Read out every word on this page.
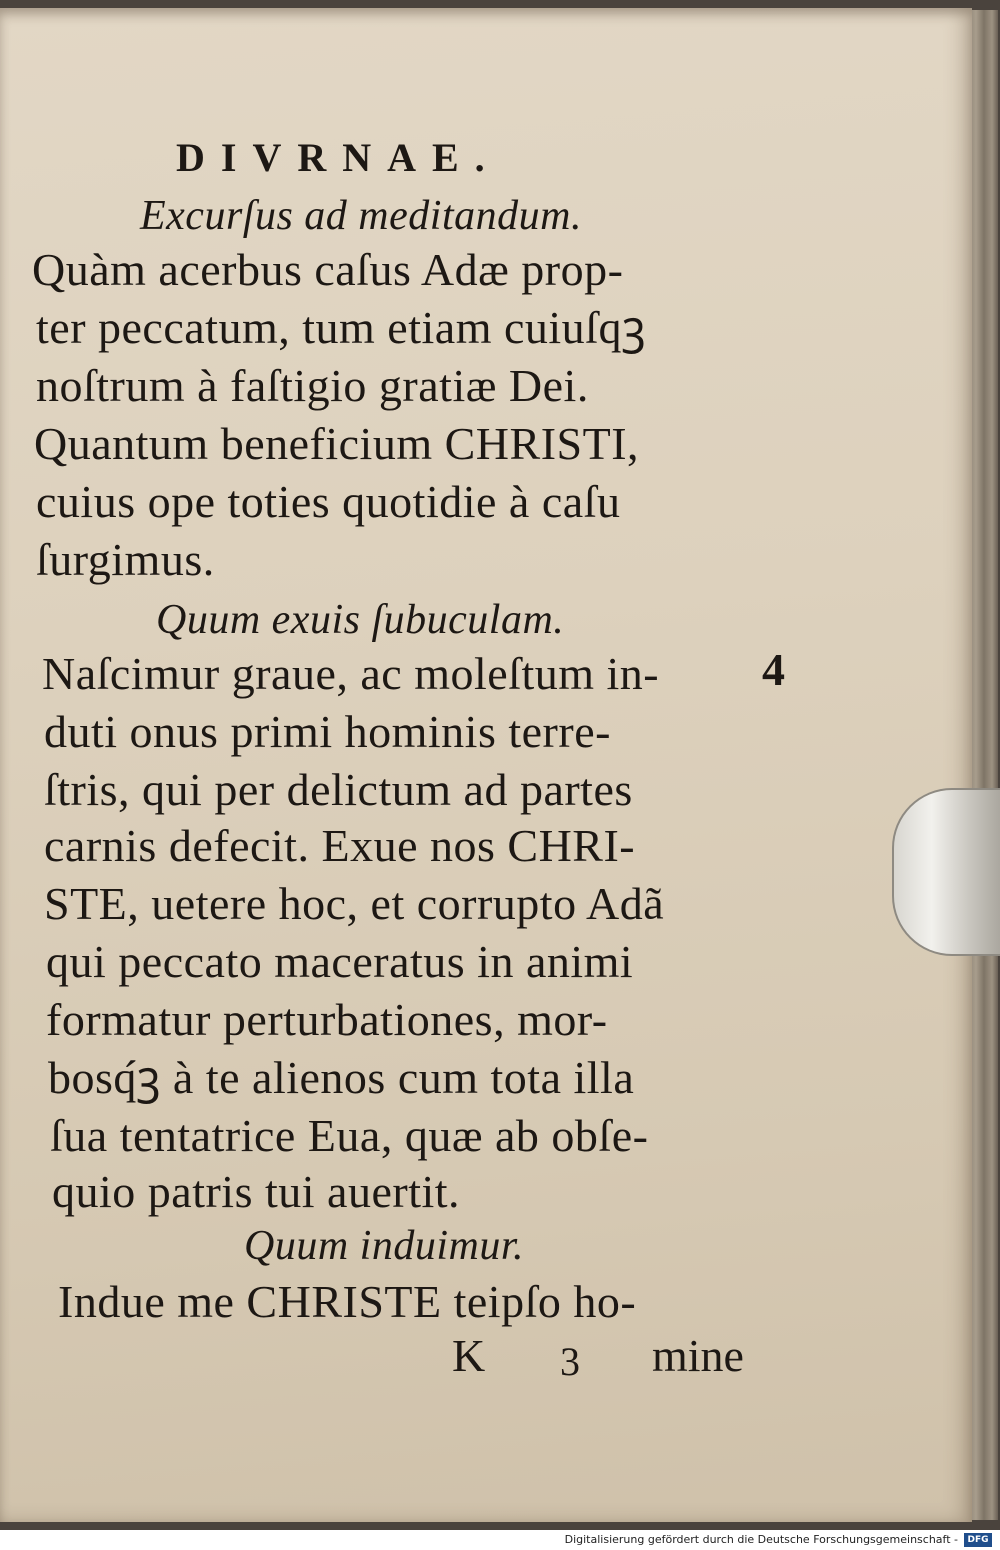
DIVRNAE.

Excurſus ad meditandum.

Quàm acerbus caſus Adæ prop-

ter peccatum, tum etiam cuiuſqꝫ

noſtrum à faſtigio gratiæ Dei.

Quantum beneficium CHRISTI,

cuius ope toties quotidie à caſu

ſurgimus.

Quum exuis ſubuculam.

Naſcimur graue, ac moleſtum in-

duti onus primi hominis terre-

ſtris, qui per delictum ad partes

carnis defecit. Exue nos CHRI-

STE, uetere hoc, et corrupto Adã

qui peccato maceratus in animi

formatur perturbationes, mor-

bosq́ꝫ à te alienos cum tota illa

ſua tentatrice Eua, quæ ab obſe-

quio patris tui auertit.

Quum induimur.

Indue me CHRISTE teipſo ho-

4

K 3 mine

Digitalisierung gefördert durch die Deutsche Forschungsgemeinschaft -	DFG
